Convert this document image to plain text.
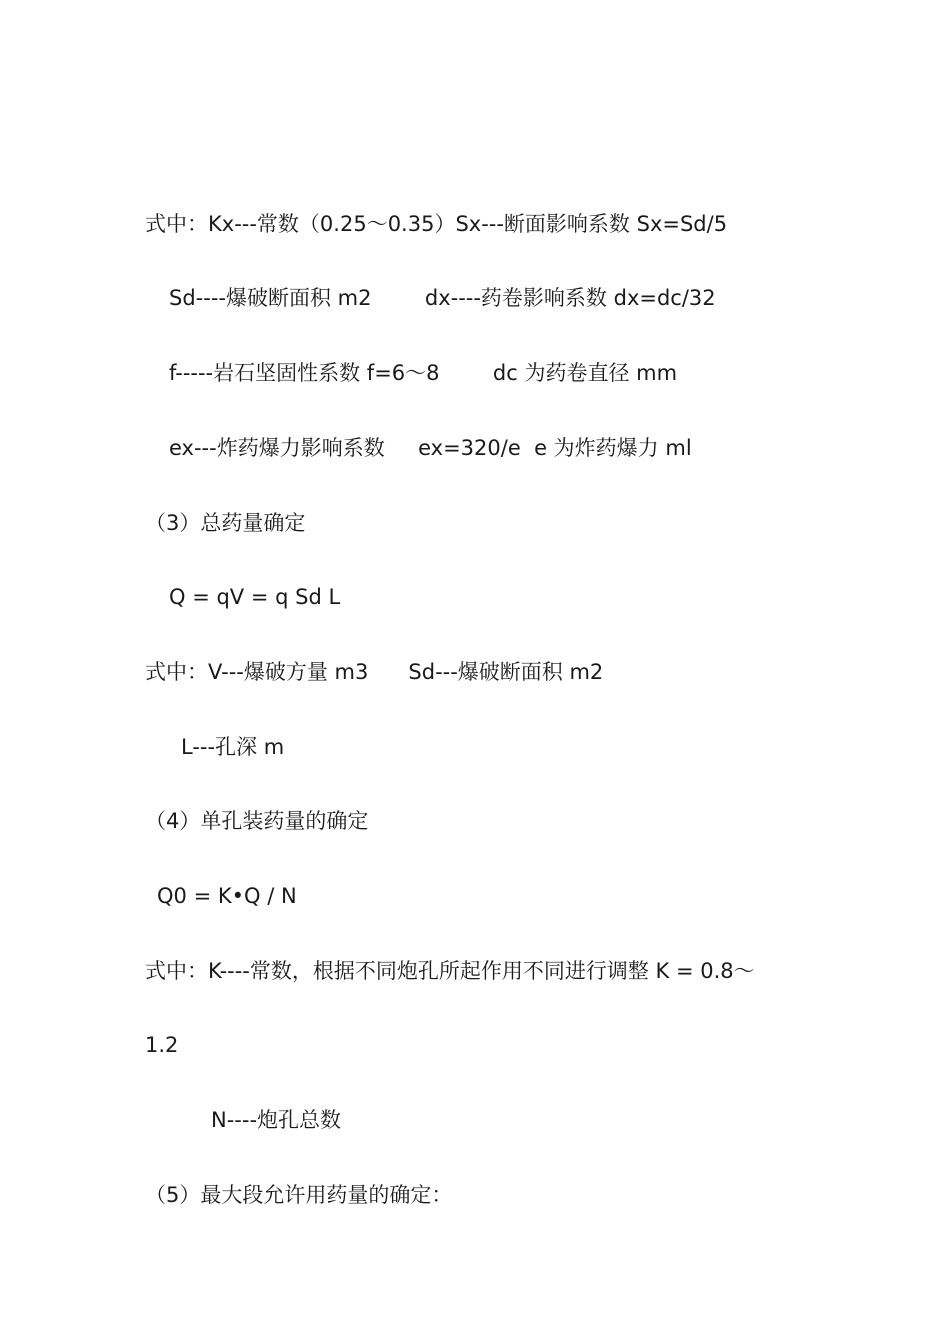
式中：Kx---常数（0.25～0.35）Sx---断面影响系数 Sx=Sd/5
Sd----爆破断面积 m2        dx----药卷影响系数 dx=dc/32
f-----岩石坚固性系数 f=6～8        dc 为药卷直径 mm
ex---炸药爆力影响系数     ex=320/e  e 为炸药爆力 ml
（3）总药量确定
Q = qV = q Sd L
式中：V---爆破方量 m3      Sd---爆破断面积 m2
L---孔深 m
（4）单孔装药量的确定
Q0 = K•Q / N
式中：K----常数，根据不同炮孔所起作用不同进行调整 K = 0.8～
1.2
N----炮孔总数
（5）最大段允许用药量的确定：
